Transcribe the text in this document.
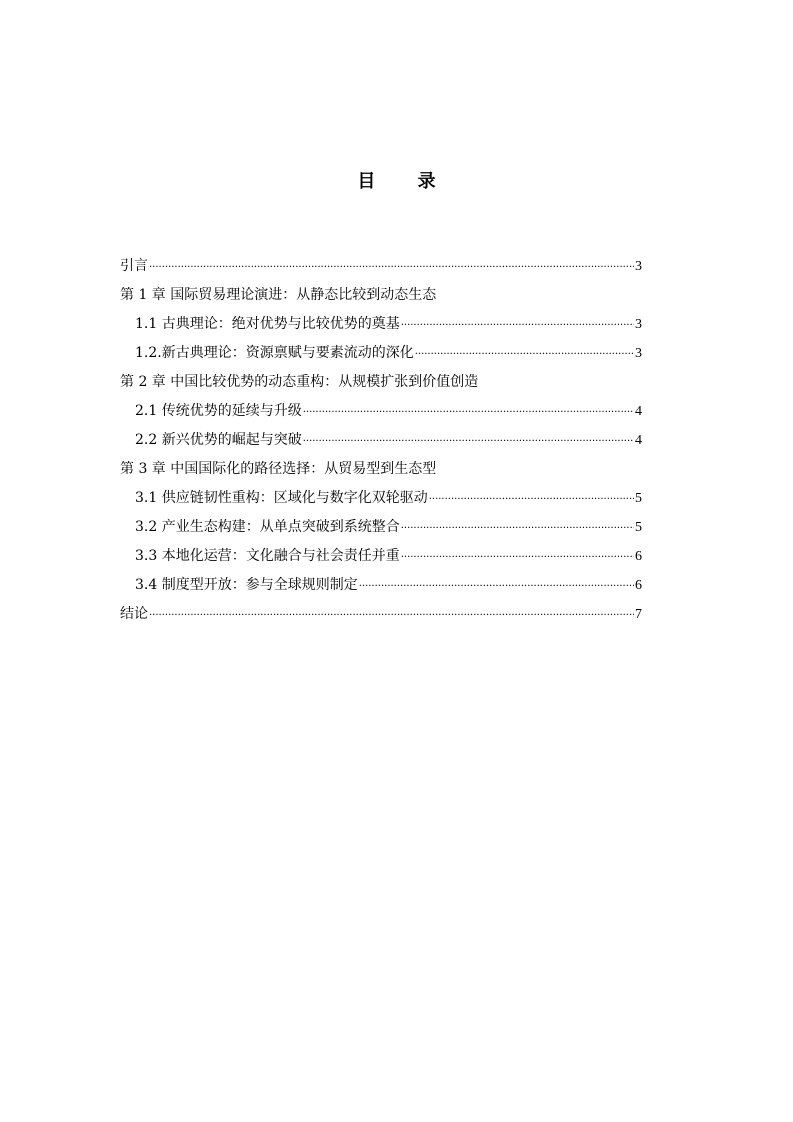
目 录
引言 ·····	3
第 1 章 国际贸易理论演进：从静态比较到动态生态
1.1 古典理论：绝对优势与比较优势的奠基 ·····	3
1.2.新古典理论：资源禀赋与要素流动的深化 ·····	3
第 2 章 中国比较优势的动态重构：从规模扩张到价值创造
2.1 传统优势的延续与升级 ·····	4
2.2 新兴优势的崛起与突破 ·····	4
第 3 章 中国国际化的路径选择：从贸易型到生态型
3.1 供应链韧性重构：区域化与数字化双轮驱动 ·····	5
3.2 产业生态构建：从单点突破到系统整合 ·····	5
3.3 本地化运营：文化融合与社会责任并重 ·····	6
3.4 制度型开放：参与全球规则制定 ·····	6
结论 ·····	7
